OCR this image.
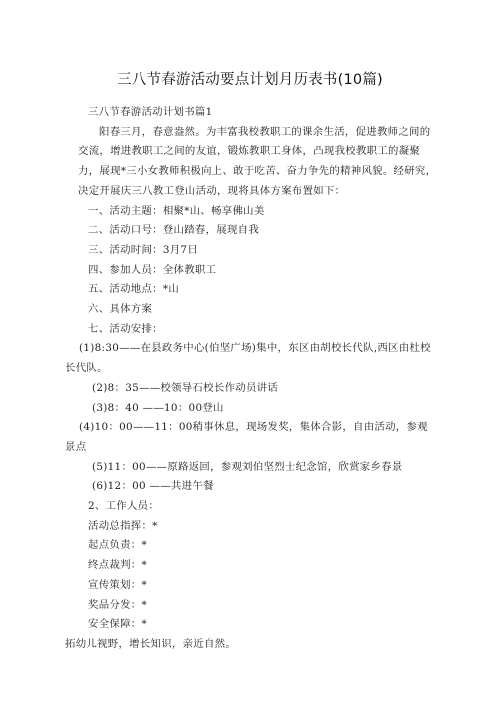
三八节春游活动要点计划月历表书(10篇)

三八节春游活动计划书篇1

阳春三月，春意盎然。为丰富我校教职工的课余生活，促进教师之间的交流，增进教职工之间的友谊，锻炼教职工身体，凸现我校教职工的凝聚力，展现*三小女教师积极向上、敢于吃苦、奋力争先的精神风貌。经研究，决定开展庆三八教工登山活动，现将具体方案布置如下：

一、活动主题：相聚*山、畅享佛山美

二、活动口号：登山踏春，展现自我

三、活动时间：3月7日

四、参加人员：全体教职工

五、活动地点：*山

六、具体方案

七、活动安排：

(1)8:30——在县政务中心(伯坚广场)集中，东区由胡校长代队,西区由杜校长代队。

(2)8：35——校领导石校长作动员讲话

(3)8：40 ——10：00登山

(4)10：00——11：00稍事休息，现场发奖，集体合影，自由活动，参观景点

(5)11：00——原路返回，参观刘伯坚烈士纪念馆，欣赏家乡春景

(6)12：00 ——共进午餐

2、工作人员：

活动总指挥：*

起点负责：*

终点裁判：*

宣传策划：*

奖品分发：*

安全保障：*

拓幼儿视野，增长知识，亲近自然。
